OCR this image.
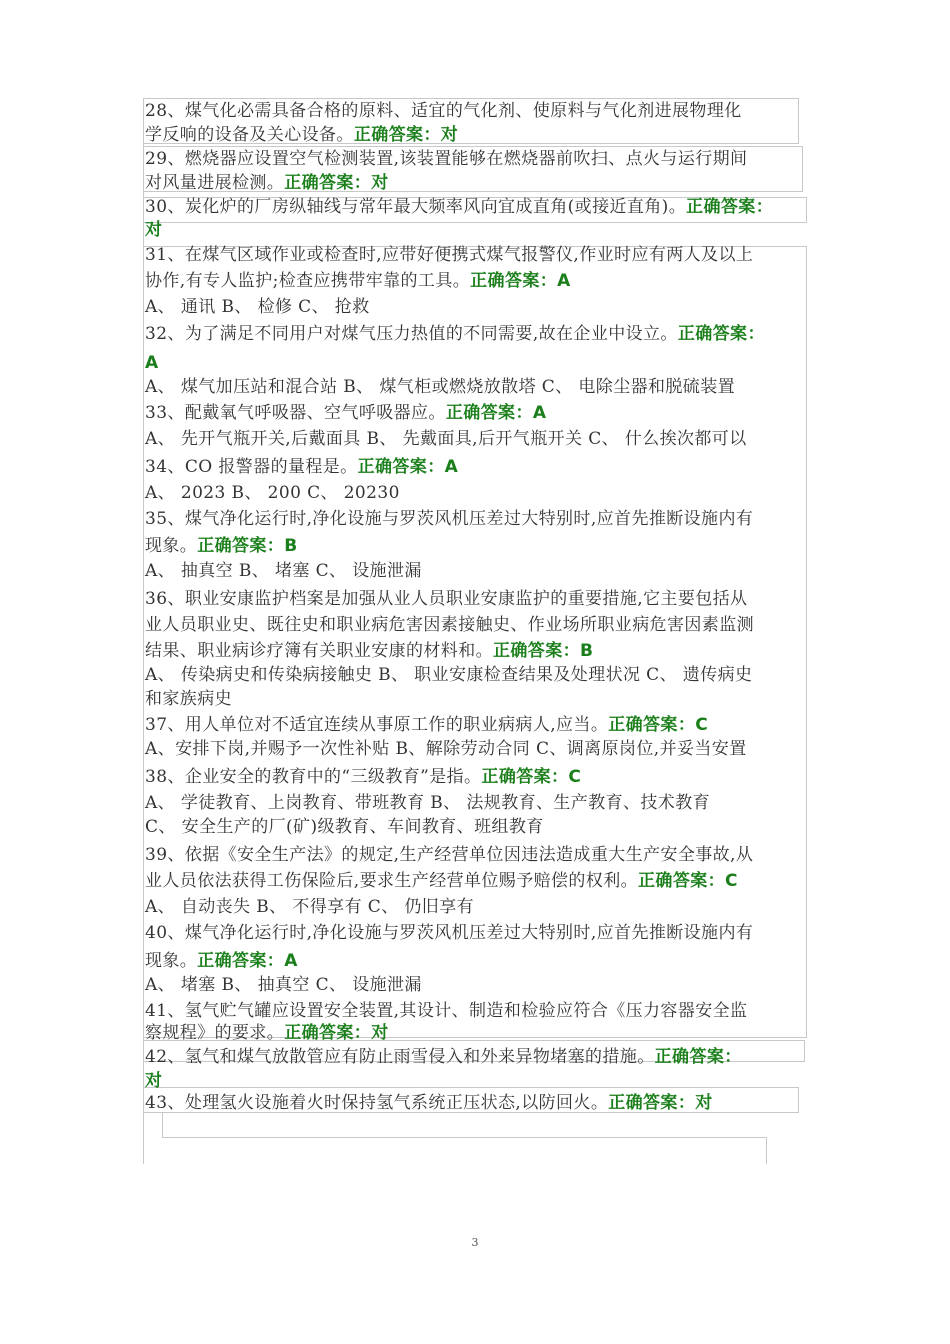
28、煤气化必需具备合格的原料、适宜的气化剂、使原料与气化剂进展物理化
学反响的设备及关心设备。正确答案：对
29、燃烧器应设置空气检测装置,该装置能够在燃烧器前吹扫、点火与运行期间
对风量进展检测。正确答案：对
30、炭化炉的厂房纵轴线与常年最大频率风向宜成直角(或接近直角)。正确答案：
对
31、在煤气区域作业或检查时,应带好便携式煤气报警仪,作业时应有两人及以上
协作,有专人监护;检查应携带牢靠的工具。正确答案：A
A、 通讯 B、 检修 C、 抢救
32、为了满足不同用户对煤气压力热值的不同需要,故在企业中设立。正确答案：
A
A、 煤气加压站和混合站 B、 煤气柜或燃烧放散塔 C、 电除尘器和脱硫装置
33、配戴氧气呼吸器、空气呼吸器应。正确答案：A
A、 先开气瓶开关,后戴面具 B、 先戴面具,后开气瓶开关 C、 什么挨次都可以
34、CO 报警器的量程是。正确答案：A
A、 2023 B、 200 C、 20230
35、煤气净化运行时,净化设施与罗茨风机压差过大特别时,应首先推断设施内有
现象。正确答案：B
A、 抽真空 B、 堵塞 C、 设施泄漏
36、职业安康监护档案是加强从业人员职业安康监护的重要措施,它主要包括从
业人员职业史、既往史和职业病危害因素接触史、作业场所职业病危害因素监测
结果、职业病诊疗簿有关职业安康的材料和。正确答案：B
A、 传染病史和传染病接触史 B、 职业安康检查结果及处理状况 C、 遗传病史
和家族病史
37、用人单位对不适宜连续从事原工作的职业病病人,应当。正确答案：C
A、安排下岗,并赐予一次性补贴 B、解除劳动合同 C、调离原岗位,并妥当安置
38、企业安全的教育中的“三级教育”是指。正确答案：C
A、 学徒教育、上岗教育、带班教育 B、 法规教育、生产教育、技术教育
C、 安全生产的厂(矿)级教育、车间教育、班组教育
39、依据《安全生产法》的规定,生产经营单位因违法造成重大生产安全事故,从
业人员依法获得工伤保险后,要求生产经营单位赐予赔偿的权利。正确答案：C
A、 自动丧失 B、 不得享有 C、 仍旧享有
40、煤气净化运行时,净化设施与罗茨风机压差过大特别时,应首先推断设施内有
现象。正确答案：A
A、 堵塞 B、 抽真空 C、 设施泄漏
41、氢气贮气罐应设置安全装置,其设计、制造和检验应符合《压力容器安全监
察规程》的要求。正确答案：对
42、氢气和煤气放散管应有防止雨雪侵入和外来异物堵塞的措施。正确答案：
对
43、处理氢火设施着火时保持氢气系统正压状态,以防回火。正确答案：对
3
